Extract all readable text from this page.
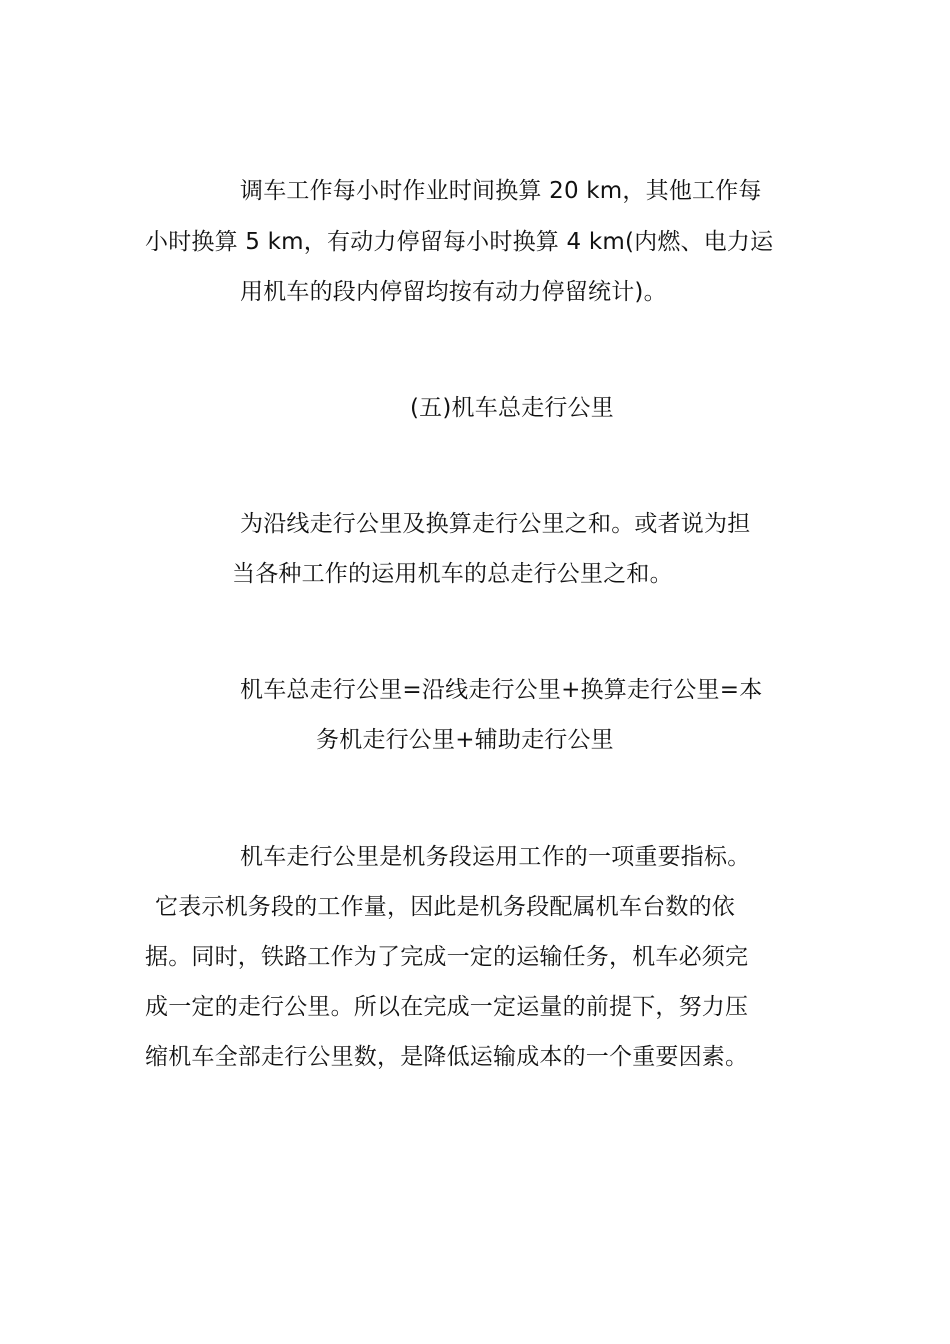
调车工作每小时作业时间换算 20 km，其他工作每
小时换算 5 km，有动力停留每小时换算 4 km(内燃、电力运
用机车的段内停留均按有动力停留统计)。
(五)机车总走行公里
为沿线走行公里及换算走行公里之和。或者说为担
当各种工作的运用机车的总走行公里之和。
机车总走行公里=沿线走行公里+换算走行公里=本
务机走行公里+辅助走行公里
机车走行公里是机务段运用工作的一项重要指标。
它表示机务段的工作量，因此是机务段配属机车台数的依
据。同时，铁路工作为了完成一定的运输任务，机车必须完
成一定的走行公里。所以在完成一定运量的前提下，努力压
缩机车全部走行公里数，是降低运输成本的一个重要因素。
